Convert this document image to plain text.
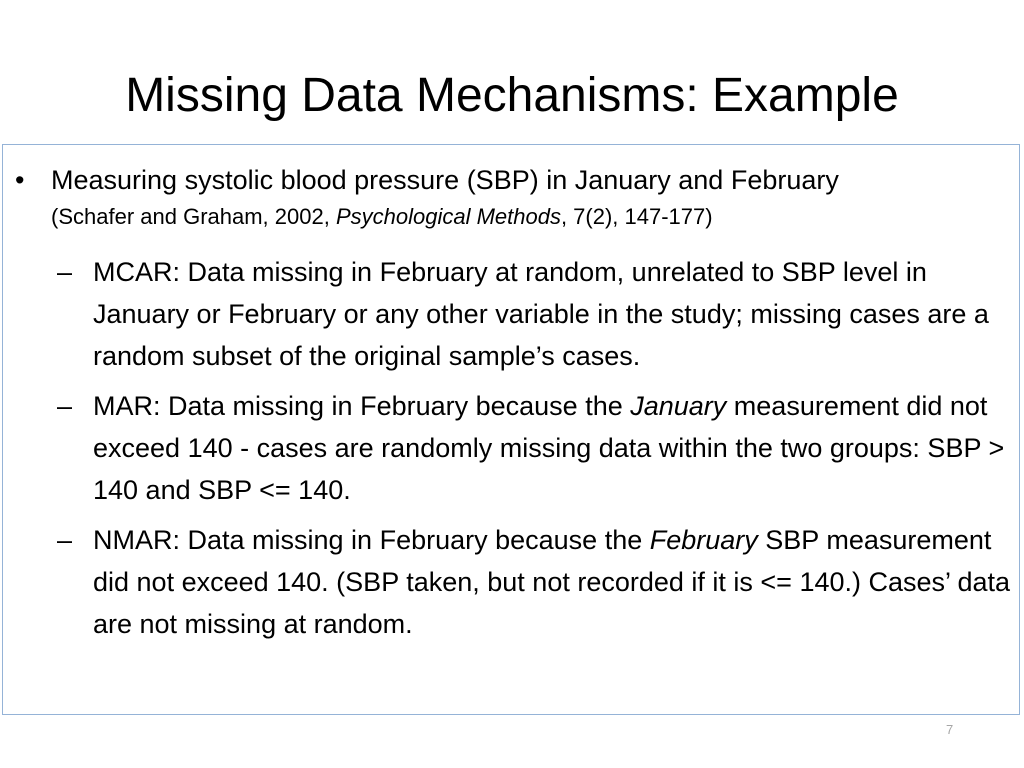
Missing Data Mechanisms: Example
• Measuring systolic blood pressure (SBP) in January and February
(Schafer and Graham, 2002, Psychological Methods, 7(2), 147-177)
– MCAR: Data missing in February at random, unrelated to SBP level in January or February or any other variable in the study; missing cases are a random subset of the original sample’s cases.
– MAR: Data missing in February because the January measurement did not exceed 140 - cases are randomly missing data within the two groups: SBP > 140 and SBP <= 140.
– NMAR: Data missing in February because the February SBP measurement did not exceed 140. (SBP taken, but not recorded if it is <= 140.) Cases’ data are not missing at random.
7
